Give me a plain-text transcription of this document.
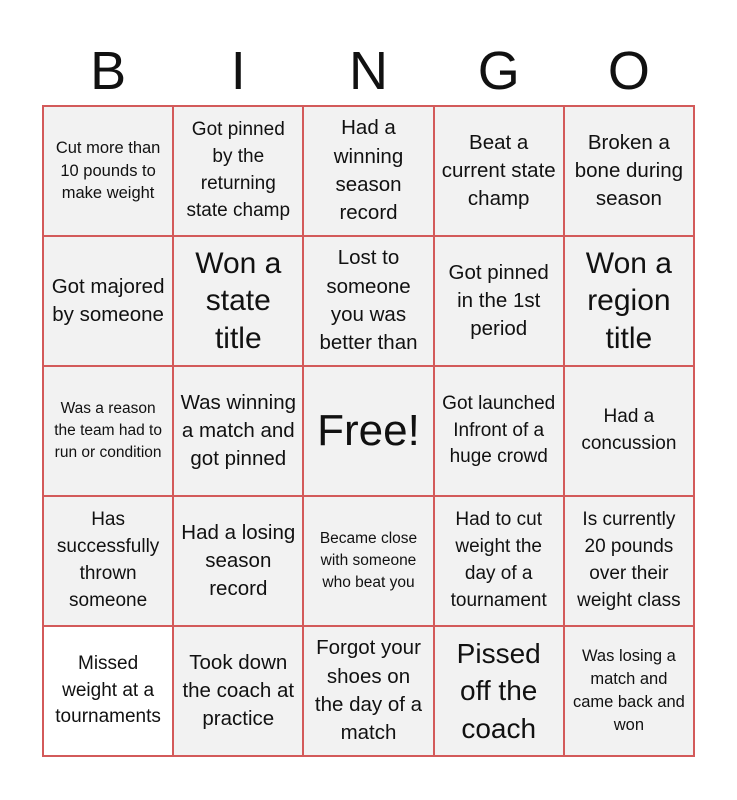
B	I	N	G	O
Cut more than 10 pounds to make weight
Got pinned by the returning state champ
Had a winning season record
Beat a current state champ
Broken a bone during season
Got majored by someone
Won a state title
Lost to someone you was better than
Got pinned in the 1st period
Won a region title
Was a reason the team had to run or condition
Was winning a match and got pinned
Free!
Got launched Infront of a huge crowd
Had a concussion
Has successfully thrown someone
Had a losing season record
Became close with someone who beat you
Had to cut weight the day of a tournament
Is currently 20 pounds over their weight class
Missed weight at a tournaments
Took down the coach at practice
Forgot your shoes on the day of a match
Pissed off the coach
Was losing a match and came back and won
